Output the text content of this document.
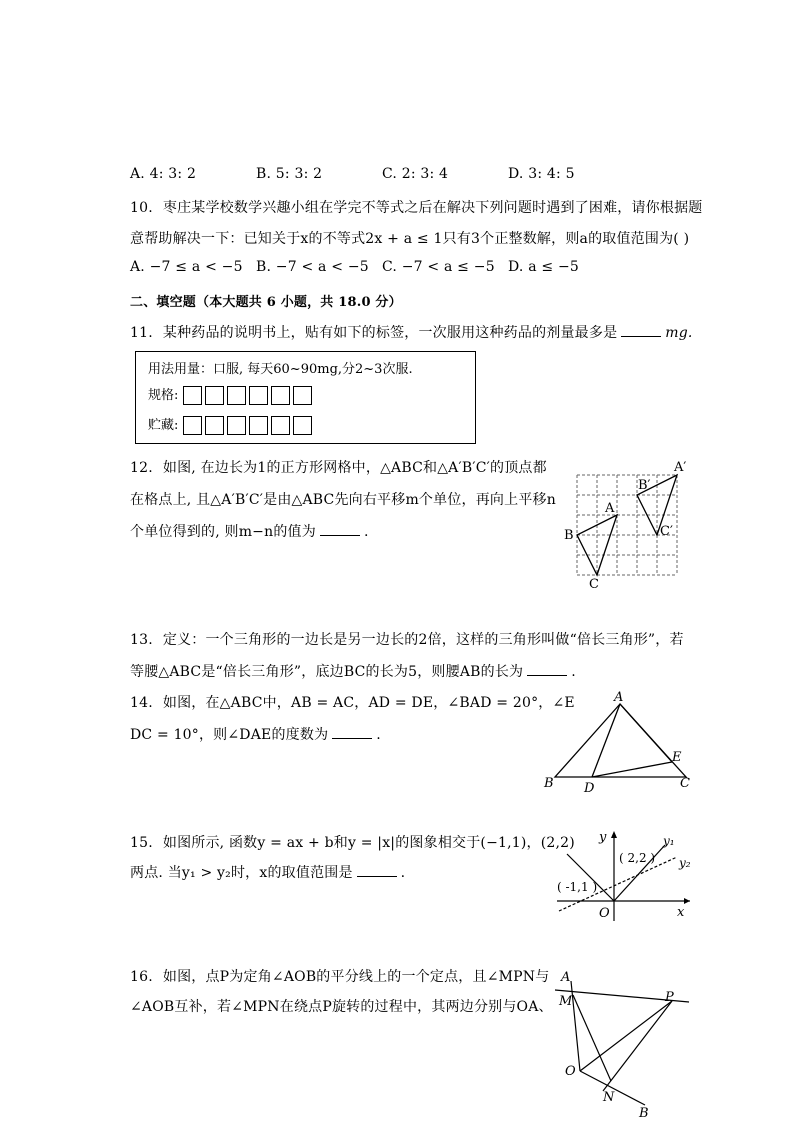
A. 4: 3: 2	B. 5: 3: 2	C. 2: 3: 4	D. 3: 4: 5
10. 枣庄某学校数学兴趣小组在学完不等式之后在解决下列问题时遇到了困难，请你根据题
意帮助解决一下：已知关于x的不等式2x + a ≤ 1只有3个正整数解，则a的取值范围为( )
A. −7 ≤ a < −5 B. −7 < a < −5 C. −7 < a ≤ −5 D. a ≤ −5
二、填空题（本大题共 6 小题，共 18.0 分）
11. 某种药品的说明书上，贴有如下的标签，一次服用这种药品的剂量最多是	mg.
用法用量：口服, 每天60~90mg,分2~3次服.
规格:
贮藏:
12. 如图, 在边长为1的正方形网格中，△ABC和△A′B′C′的顶点都
在格点上, 且△A′B′C′是由△ABC先向右平移m个单位，再向上平移n
个单位得到的, 则m−n的值为	.
A
B
C
A′
B′
C′
13. 定义：一个三角形的一边长是另一边长的2倍，这样的三角形叫做“倍长三角形”，若
等腰△ABC是“倍长三角形”，底边BC的长为5，则腰AB的长为	.
14. 如图，在△ABC中，AB = AC，AD = DE，∠BAD = 20°，∠E
DC = 10°，则∠DAE的度数为	.
A
B	C
D
E
15. 如图所示, 函数y = ax + b和y = |x|的图象相交于(−1,1)，(2,2)
两点. 当y₁ > y₂时，x的取值范围是	.
y
x
O
y₁
y₂
( 2,2 )
( -1,1 )
16. 如图，点P为定角∠AOB的平分线上的一个定点，且∠MPN与
∠AOB互补，若∠MPN在绕点P旋转的过程中，其两边分别与OA、
A
M	P
O
N
B
